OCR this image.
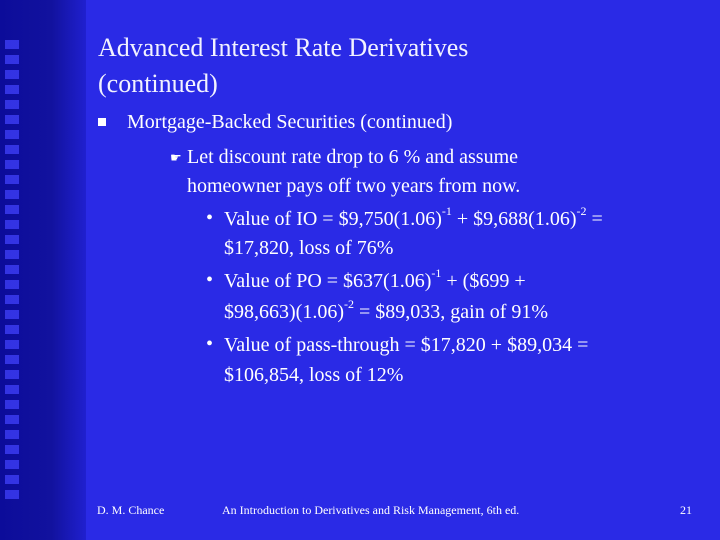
Advanced Interest Rate Derivatives
(continued)
Mortgage-Backed Securities (continued)
☛ Let discount rate drop to 6 % and assume
homeowner pays off two years from now.
• Value of IO = $\$9,750(1.06)^{-1}$ + $\$9,688(1.06)^{-2}$ =
$17,820, loss of 76%
• Value of PO = $\$637(1.06)^{-1}$ + ($699 +
$\$98,663)(1.06)^{-2}$ = $89,033, gain of 91%
• Value of pass-through = $17,820 + $89,034 =
$106,854, loss of 12%
D. M. Chance	An Introduction to Derivatives and Risk Management, 6th ed.	21
